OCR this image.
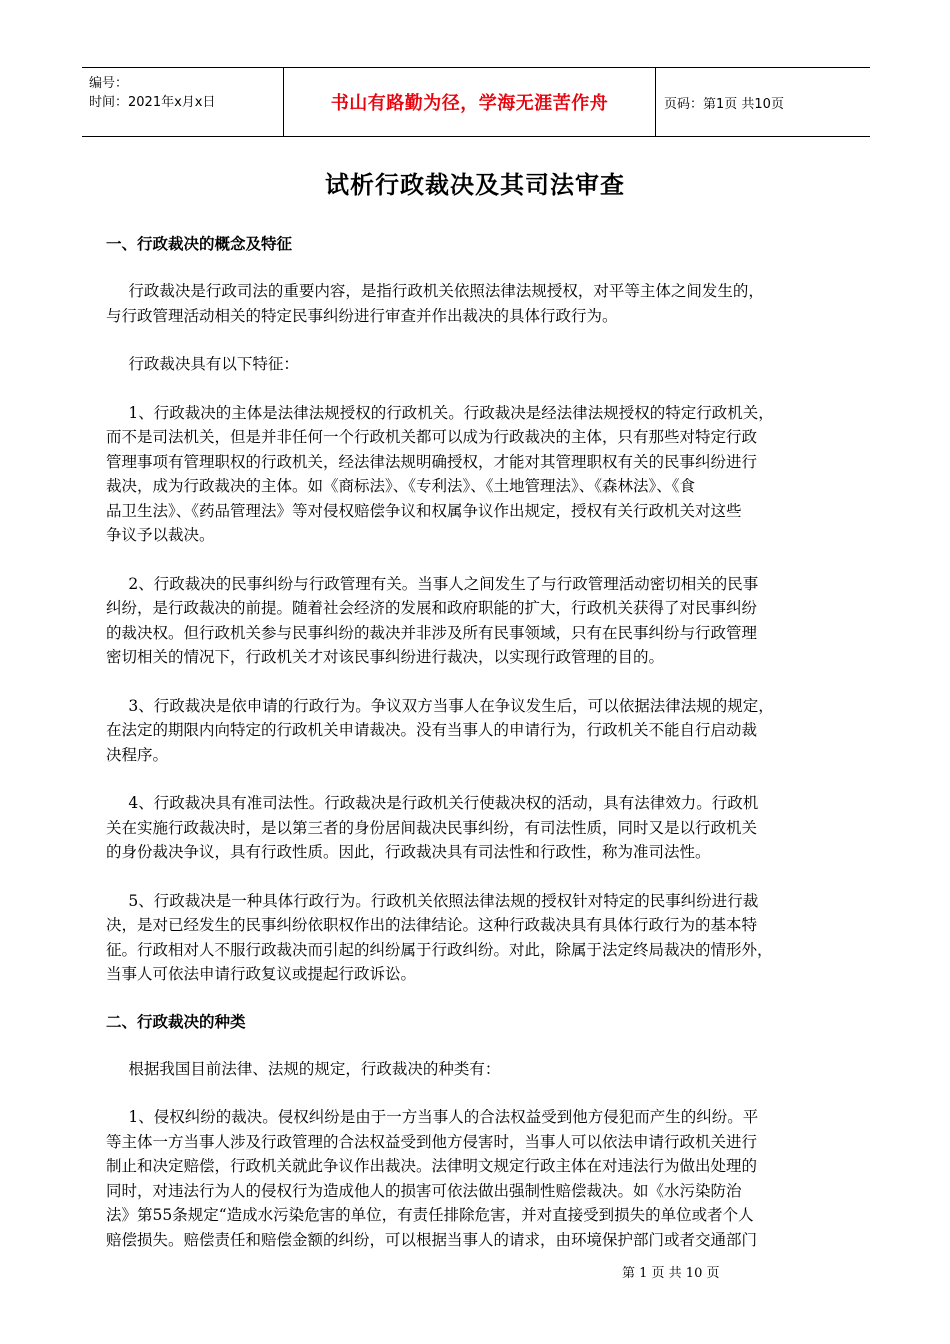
编号：
时间：2021年x月x日	书山有路勤为径，学海无涯苦作舟	页码：第1页 共10页
试析行政裁决及其司法审查
一、行政裁决的概念及特征
　 行政裁决是行政司法的重要内容，是指行政机关依照法律法规授权，对平等主体之间发生的，
与行政管理活动相关的特定民事纠纷进行审查并作出裁决的具体行政行为。
　 行政裁决具有以下特征：
　 1、行政裁决的主体是法律法规授权的行政机关。行政裁决是经法律法规授权的特定行政机关，
而不是司法机关，但是并非任何一个行政机关都可以成为行政裁决的主体，只有那些对特定行政
管理事项有管理职权的行政机关，经法律法规明确授权，才能对其管理职权有关的民事纠纷进行
裁决，成为行政裁决的主体。如《商标法》、《专利法》、《土地管理法》、《森林法》、《食
品卫生法》、《药品管理法》等对侵权赔偿争议和权属争议作出规定，授权有关行政机关对这些
争议予以裁决。
　 2、行政裁决的民事纠纷与行政管理有关。当事人之间发生了与行政管理活动密切相关的民事
纠纷，是行政裁决的前提。随着社会经济的发展和政府职能的扩大，行政机关获得了对民事纠纷
的裁决权。但行政机关参与民事纠纷的裁决并非涉及所有民事领域，只有在民事纠纷与行政管理
密切相关的情况下，行政机关才对该民事纠纷进行裁决，以实现行政管理的目的。
　 3、行政裁决是依申请的行政行为。争议双方当事人在争议发生后，可以依据法律法规的规定，
在法定的期限内向特定的行政机关申请裁决。没有当事人的申请行为，行政机关不能自行启动裁
决程序。
　 4、行政裁决具有准司法性。行政裁决是行政机关行使裁决权的活动，具有法律效力。行政机
关在实施行政裁决时，是以第三者的身份居间裁决民事纠纷，有司法性质，同时又是以行政机关
的身份裁决争议，具有行政性质。因此，行政裁决具有司法性和行政性，称为准司法性。
　 5、行政裁决是一种具体行政行为。行政机关依照法律法规的授权针对特定的民事纠纷进行裁
决，是对已经发生的民事纠纷依职权作出的法律结论。这种行政裁决具有具体行政行为的基本特
征。行政相对人不服行政裁决而引起的纠纷属于行政纠纷。对此，除属于法定终局裁决的情形外，
当事人可依法申请行政复议或提起行政诉讼。
二、行政裁决的种类
　 根据我国目前法律、法规的规定，行政裁决的种类有：
　 1、侵权纠纷的裁决。侵权纠纷是由于一方当事人的合法权益受到他方侵犯而产生的纠纷。平
等主体一方当事人涉及行政管理的合法权益受到他方侵害时，当事人可以依法申请行政机关进行
制止和决定赔偿，行政机关就此争议作出裁决。法律明文规定行政主体在对违法行为做出处理的
同时，对违法行为人的侵权行为造成他人的损害可依法做出强制性赔偿裁决。如《水污染防治
法》第55条规定“造成水污染危害的单位，有责任排除危害，并对直接受到损失的单位或者个人
赔偿损失。赔偿责任和赔偿金额的纠纷，可以根据当事人的请求，由环境保护部门或者交通部门
第 1 页 共 10 页
